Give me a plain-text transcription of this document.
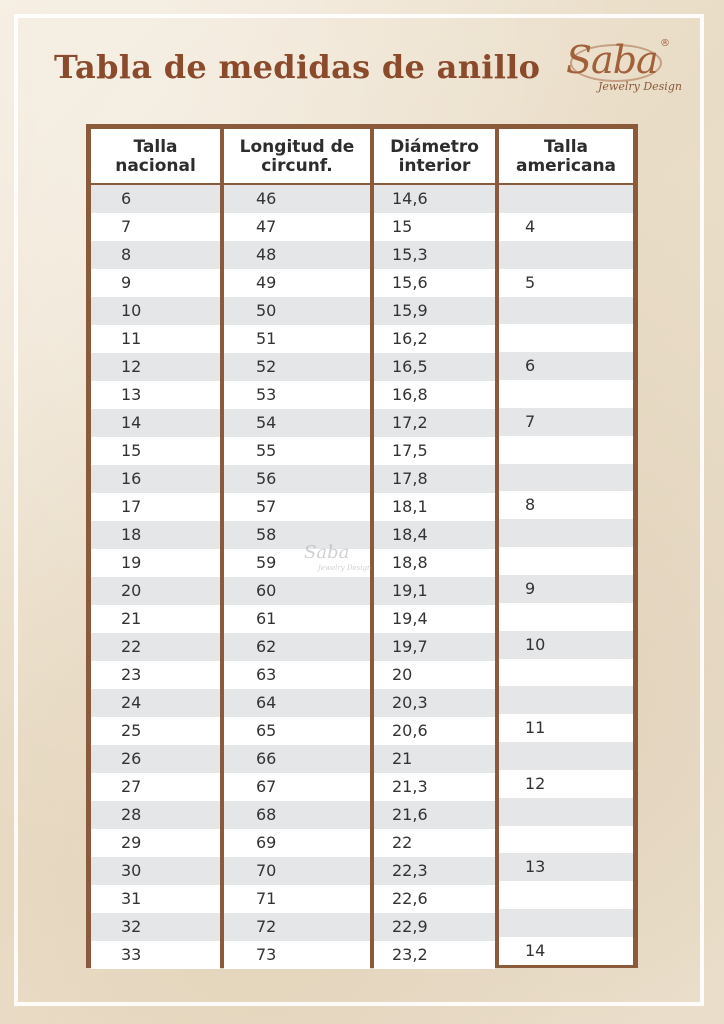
Tabla de medidas de anillo Saba ®
Jewelry Design
Talla
nacional
Longitud de
circunf.
Diámetro
interior
Talla
americana
6
7
8
9
10
11
12
13
14
15
16
17
18
19
20
21
22
23
24
25
26
27
28
29
30
31
32
33
46
47
48
49
50
51
52
53
54
55
56
57
58
59
60
61
62
63
64
65
66
67
68
69
70
71
72
73
14,6
15
15,3
15,6
15,9
16,2
16,5
16,8
17,2
17,5
17,8
18,1
18,4
18,8
19,1
19,4
19,7
20
20,3
20,6
21
21,3
21,6
22
22,3
22,6
22,9
23,2
4
5
6
7
8
9
10
11
12
13
14
Saba
Jewelry Design
